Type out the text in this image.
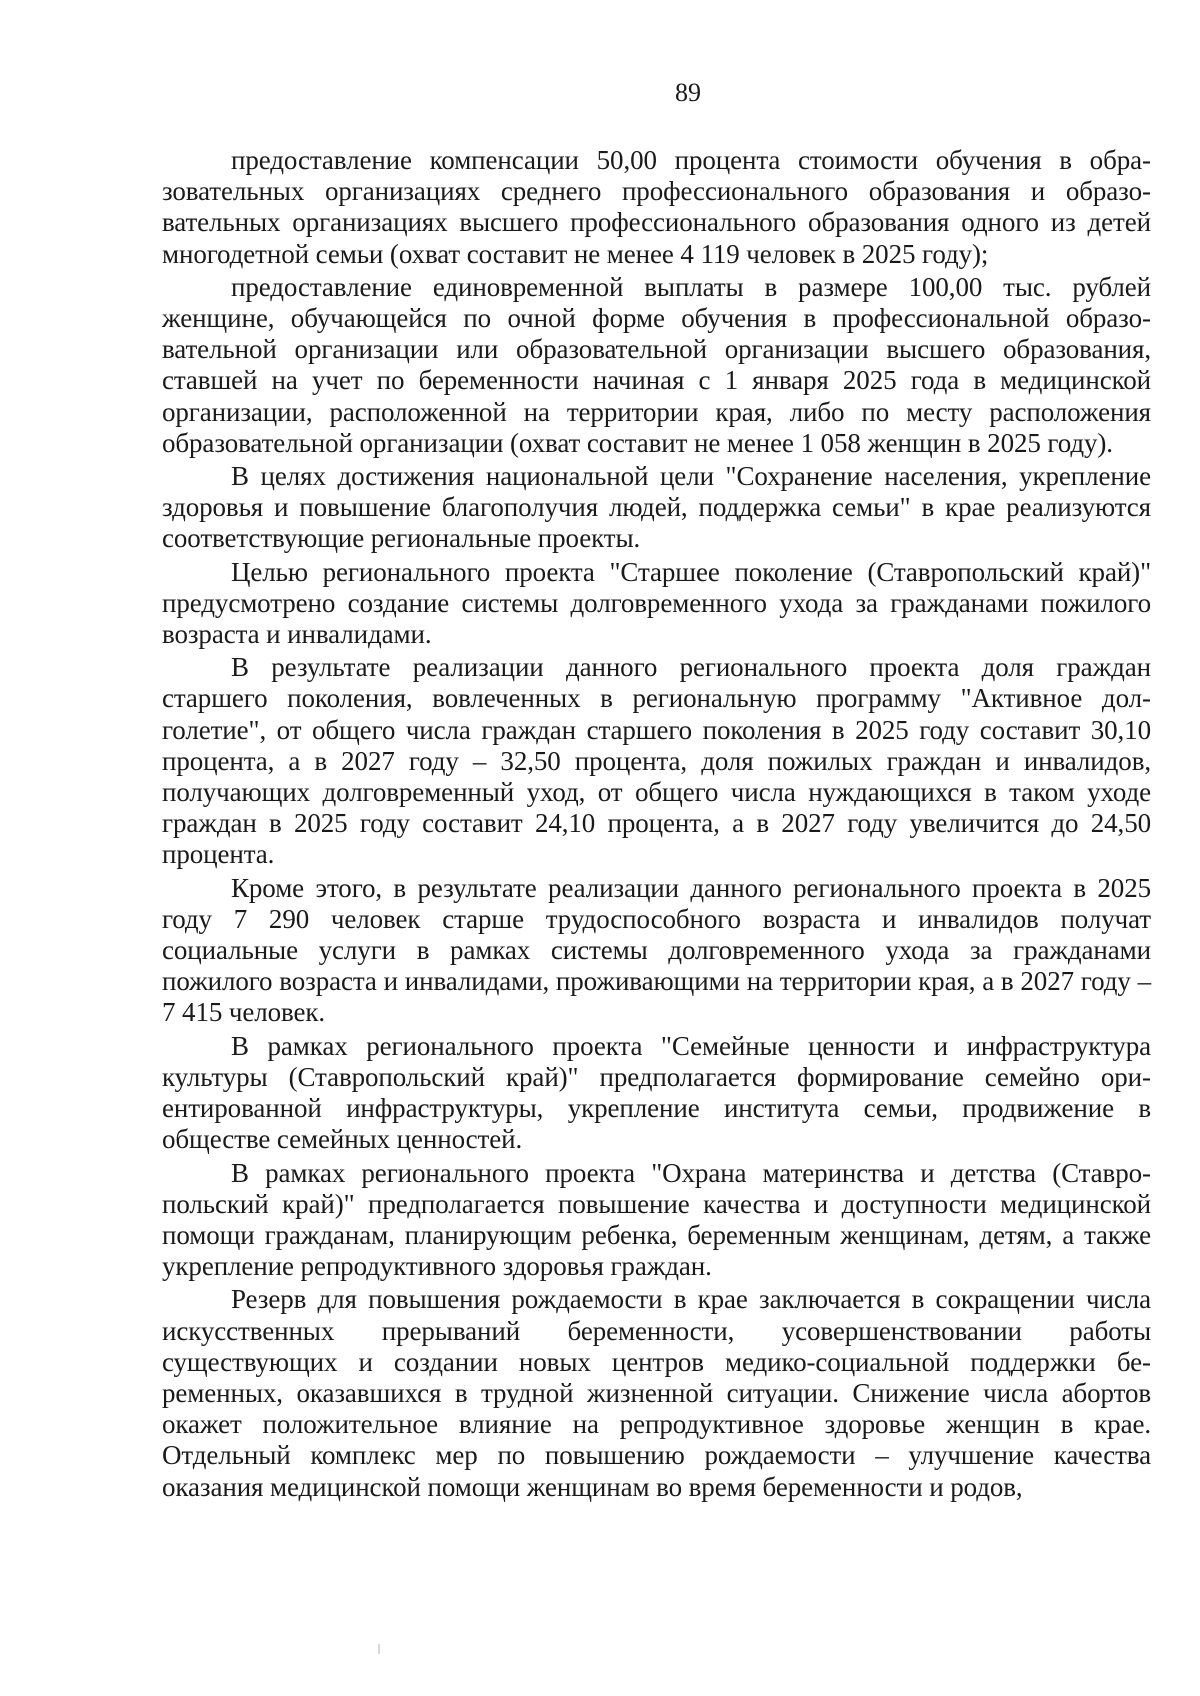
89

предоставление компенсации 50,00 процента стоимости обучения в образовательных организациях среднего профессионального образования и образовательных организациях высшего профессионального образования одного из детей многодетной семьи (охват составит не менее 4 119 человек в 2025 году);

предоставление единовременной выплаты в размере 100,00 тыс. рублей женщине, обучающейся по очной форме обучения в профессиональной образовательной организации или образовательной организации высшего образования, ставшей на учет по беременности начиная с 1 января 2025 года в медицинской организации, расположенной на территории края, либо по месту расположения образовательной организации (охват составит не менее 1 058 женщин в 2025 году).

В целях достижения национальной цели "Сохранение населения, укрепление здоровья и повышение благополучия людей, поддержка семьи" в крае реализуются соответствующие региональные проекты.

Целью регионального проекта "Старшее поколение (Ставропольский край)" предусмотрено создание системы долговременного ухода за гражданами пожилого возраста и инвалидами.

В результате реализации данного регионального проекта доля граждан старшего поколения, вовлеченных в региональную программу "Активное долголетие", от общего числа граждан старшего поколения в 2025 году составит 30,10 процента, а в 2027 году – 32,50 процента, доля пожилых граждан и инвалидов, получающих долговременный уход, от общего числа нуждающихся в таком уходе граждан в 2025 году составит 24,10 процента, а в 2027 году увеличится до 24,50 процента.

Кроме этого, в результате реализации данного регионального проекта в 2025 году 7 290 человек старше трудоспособного возраста и инвалидов получат социальные услуги в рамках системы долговременного ухода за гражданами пожилого возраста и инвалидами, проживающими на территории края, а в 2027 году – 7 415 человек.

В рамках регионального проекта "Семейные ценности и инфраструктура культуры (Ставропольский край)" предполагается формирование семейно ориентированной инфраструктуры, укрепление института семьи, продвижение в обществе семейных ценностей.

В рамках регионального проекта "Охрана материнства и детства (Ставропольский край)" предполагается повышение качества и доступности медицинской помощи гражданам, планирующим ребенка, беременным женщинам, детям, а также укрепление репродуктивного здоровья граждан.

Резерв для повышения рождаемости в крае заключается в сокращении числа искусственных прерываний беременности, усовершенствовании работы существующих и создании новых центров медико-социальной поддержки беременных, оказавшихся в трудной жизненной ситуации. Снижение числа абортов окажет положительное влияние на репродуктивное здоровье женщин в крае. Отдельный комплекс мер по повышению рождаемости – улучшение качества оказания медицинской помощи женщинам во время беременности и родов,
